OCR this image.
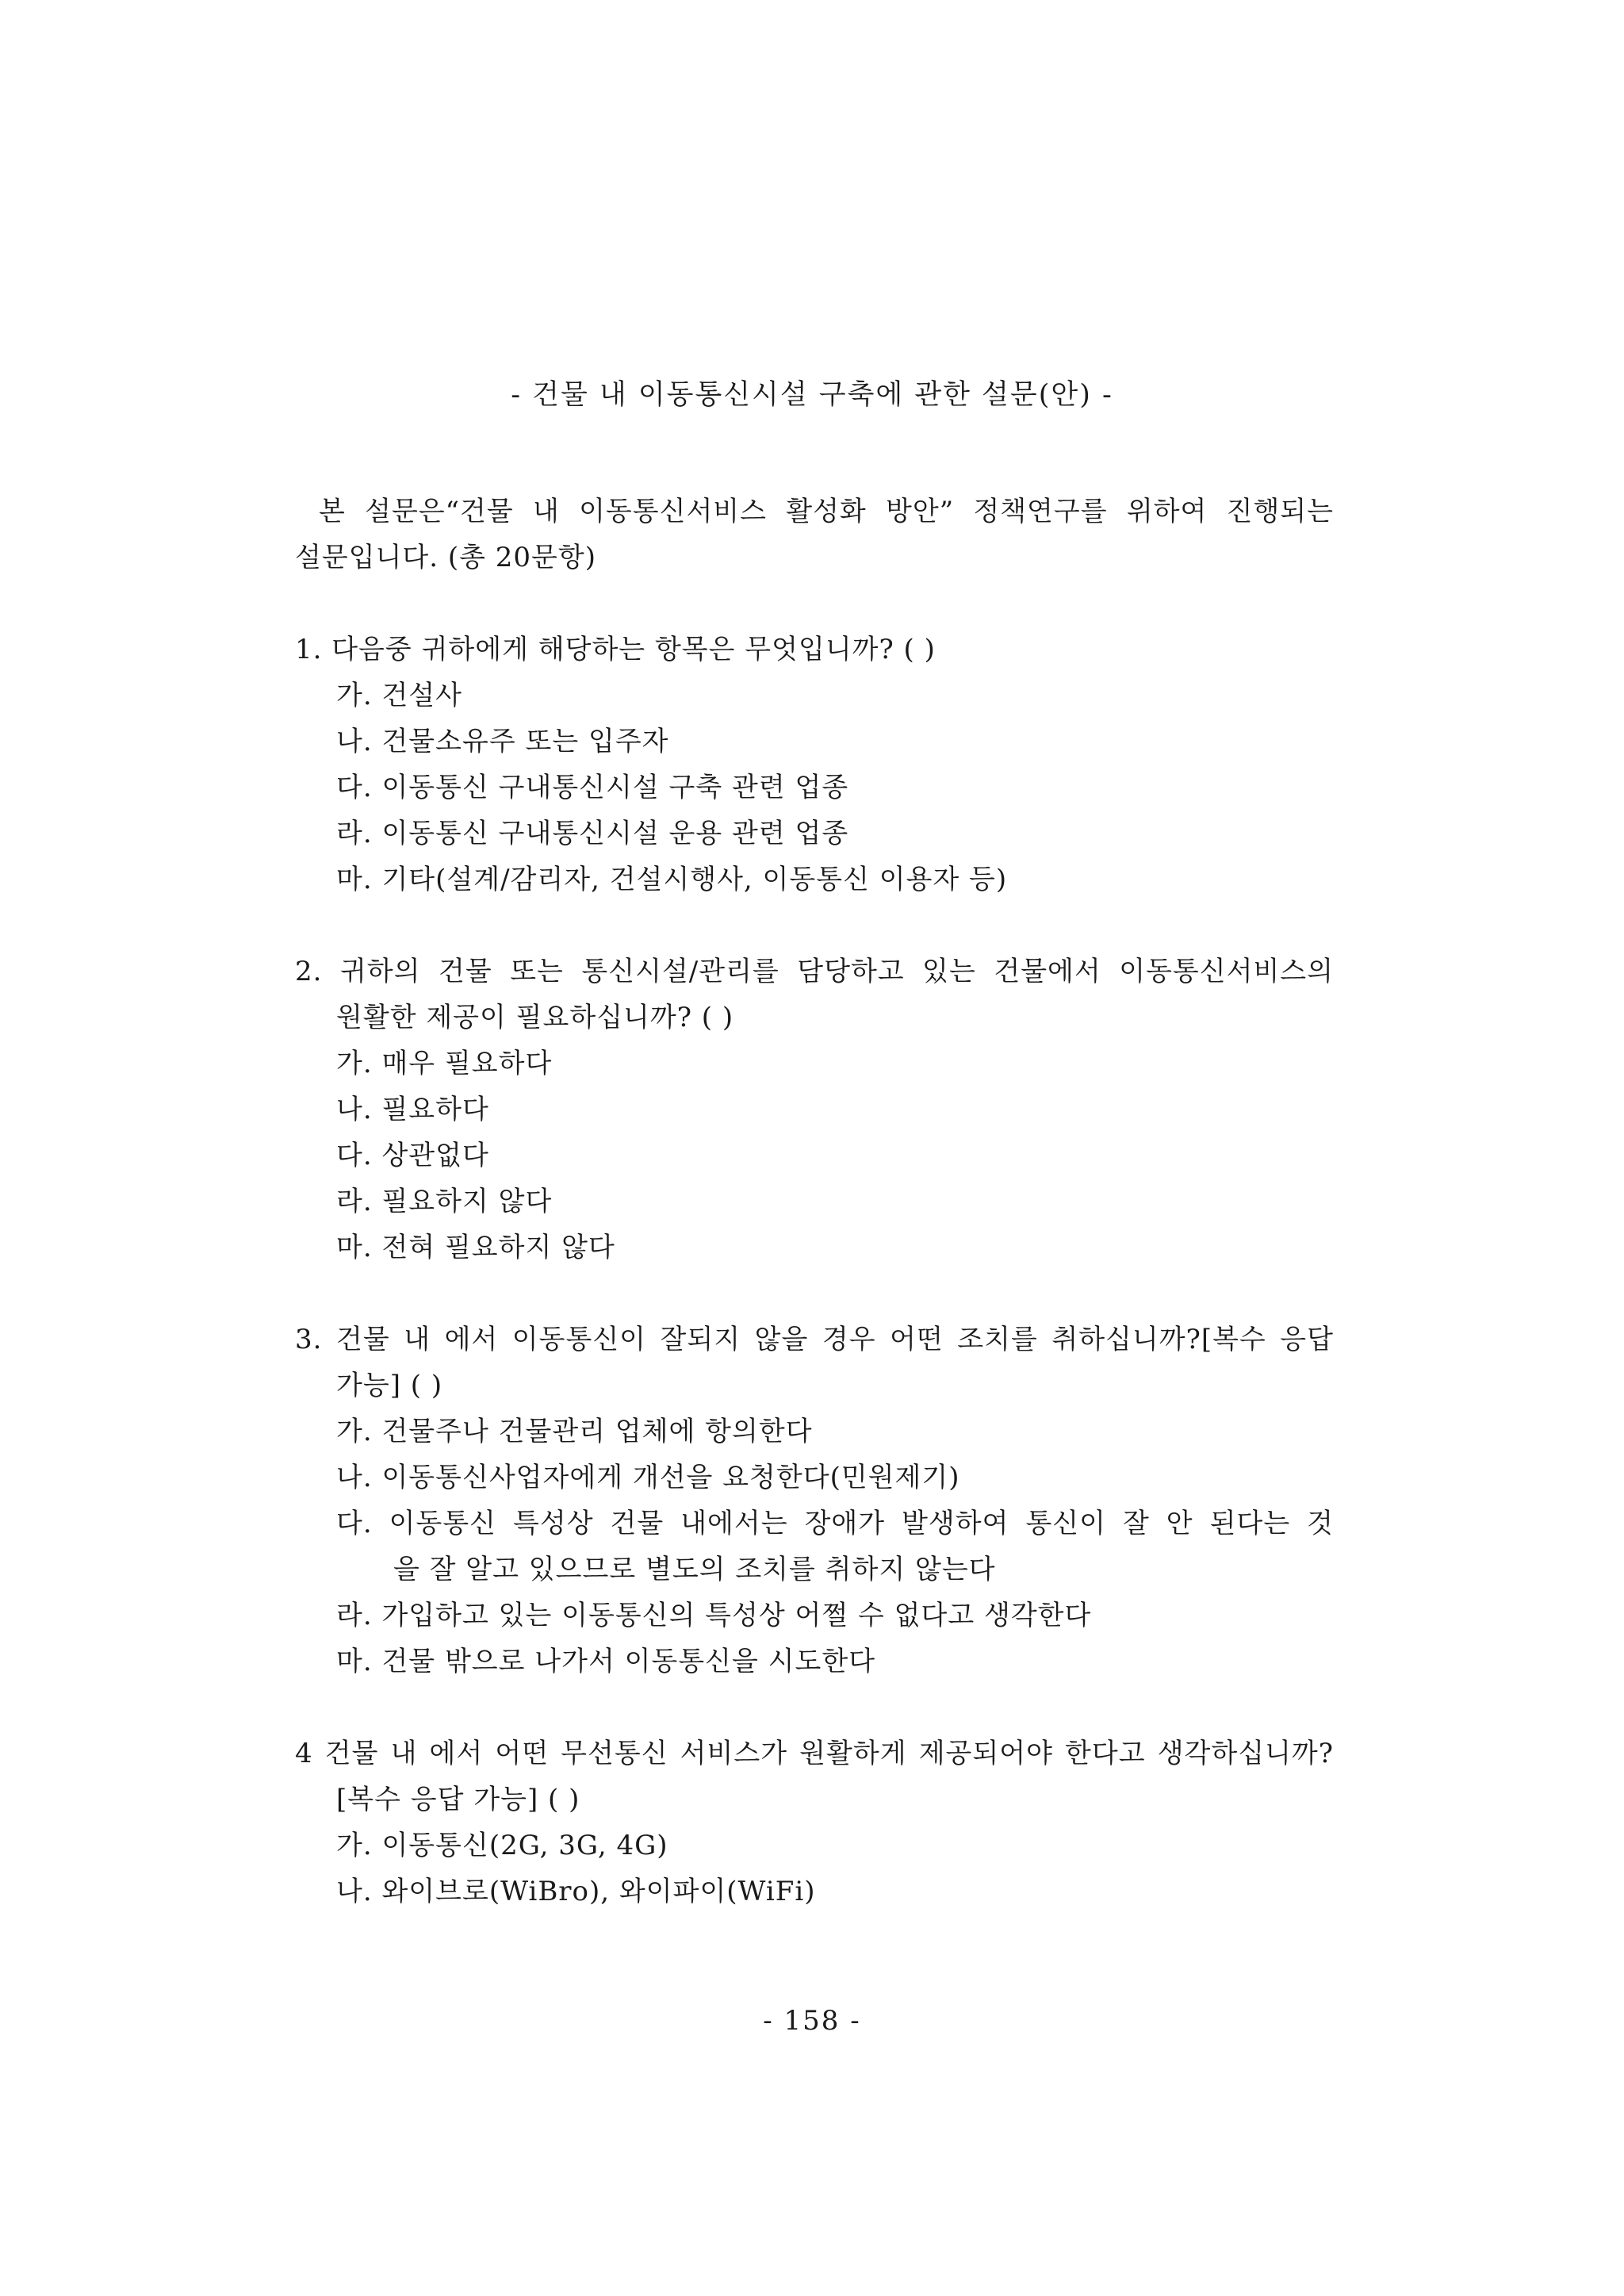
- 건물 내 이동통신시설 구축에 관한 설문(안) -
본 설문은“건물 내 이동통신서비스 활성화 방안” 정책연구를 위하여 진행되는
설문입니다. (총 20문항)
1. 다음중 귀하에게 해당하는 항목은 무엇입니까? ( )
가. 건설사
나. 건물소유주 또는 입주자
다. 이동통신 구내통신시설 구축 관련 업종
라. 이동통신 구내통신시설 운용 관련 업종
마. 기타(설계/감리자, 건설시행사, 이동통신 이용자 등)
2. 귀하의 건물 또는 통신시설/관리를 담당하고 있는 건물에서 이동통신서비스의
원활한 제공이 필요하십니까? ( )
가. 매우 필요하다
나. 필요하다
다. 상관없다
라. 필요하지 않다
마. 전혀 필요하지 않다
3. 건물 내 에서 이동통신이 잘되지 않을 경우 어떤 조치를 취하십니까?[복수 응답
가능] ( )
가. 건물주나 건물관리 업체에 항의한다
나. 이동통신사업자에게 개선을 요청한다(민원제기)
다. 이동통신 특성상 건물 내에서는 장애가 발생하여 통신이 잘 안 된다는 것
을 잘 알고 있으므로 별도의 조치를 취하지 않는다
라. 가입하고 있는 이동통신의 특성상 어쩔 수 없다고 생각한다
마. 건물 밖으로 나가서 이동통신을 시도한다
4 건물 내 에서 어떤 무선통신 서비스가 원활하게 제공되어야 한다고 생각하십니까?
[복수 응답 가능] ( )
가. 이동통신(2G, 3G, 4G)
나. 와이브로(WiBro), 와이파이(WiFi)
- 158 -
